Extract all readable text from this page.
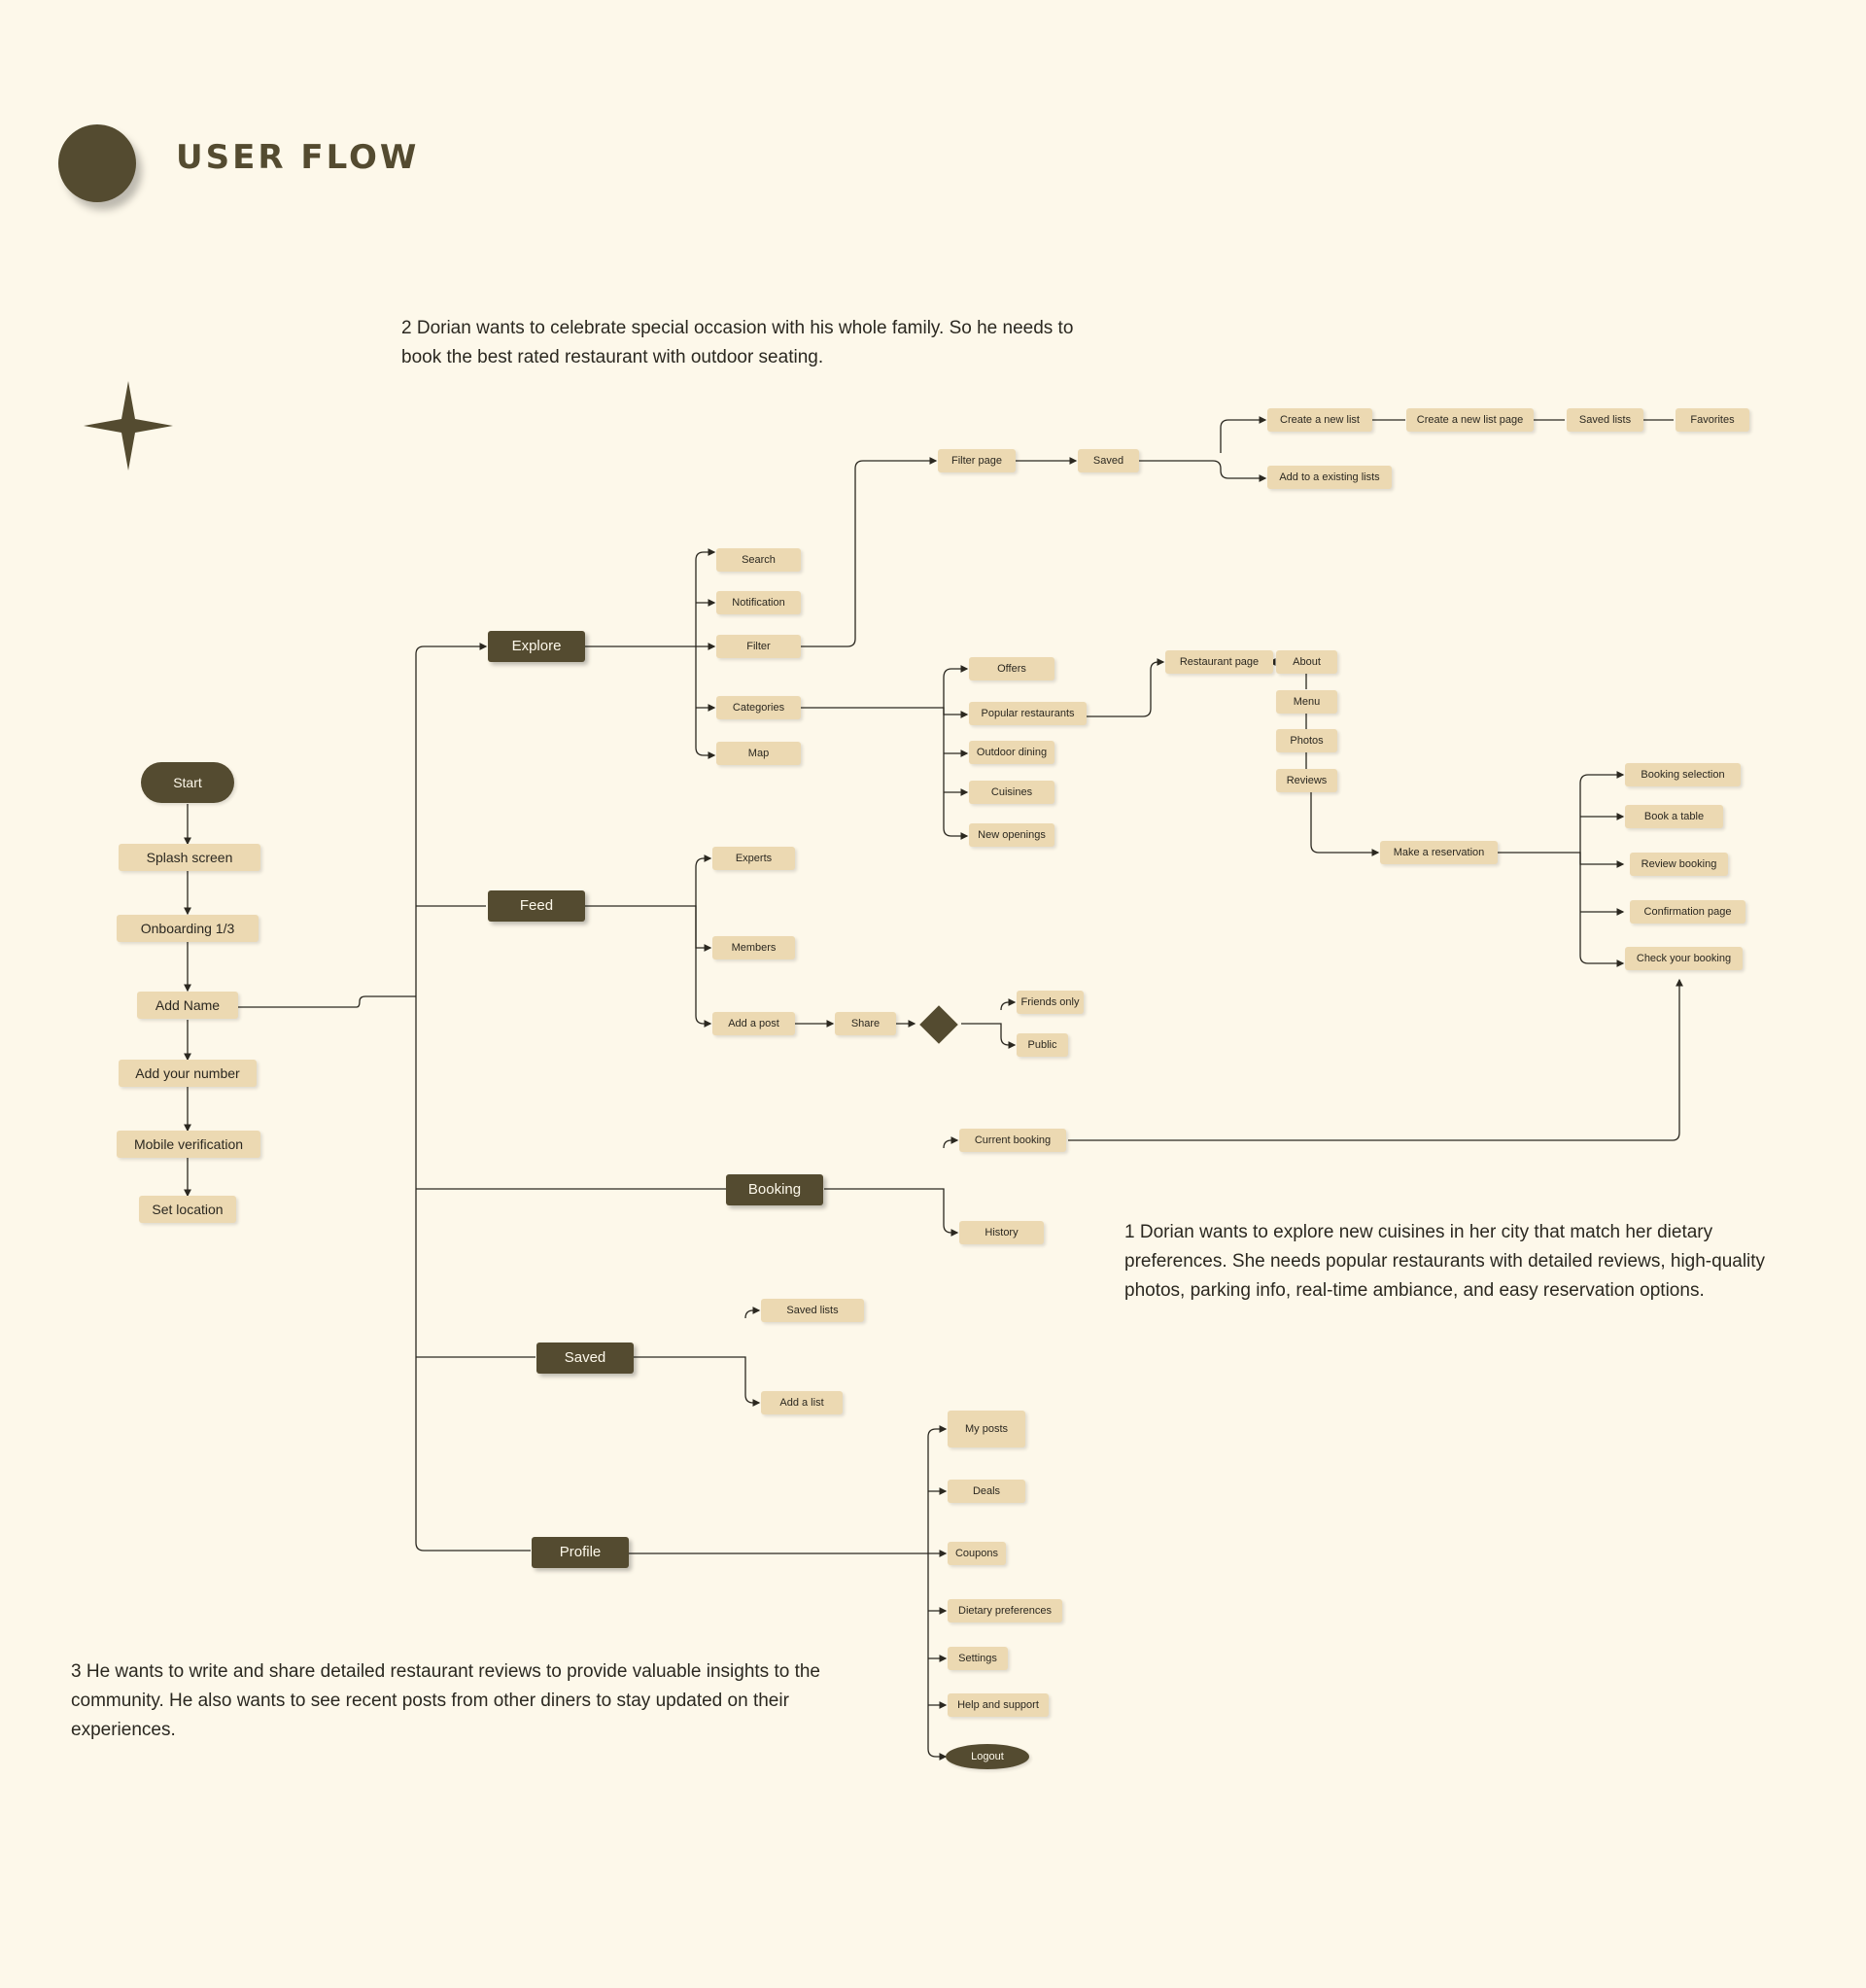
USER FLOW
2 Dorian wants to celebrate special occasion with his whole family. So he needs to book the best rated restaurant with outdoor seating.
1 Dorian wants to explore new cuisines in her city that match her dietary preferences. She needs popular restaurants with detailed reviews, high-quality photos, parking info, real-time ambiance, and easy reservation options.
3 He wants to write and share detailed restaurant reviews to provide valuable insights to the community. He also wants to see recent posts from other diners to stay updated on their experiences.
Start
Splash screen
Onboarding 1/3
Add Name
Add your number
Mobile verification
Set location
Explore
Feed
Booking
Saved
Profile
Search
Notification
Filter
Categories
Map
Filter page	Saved
Create a new list	Create a new list page	Saved lists	Favorites
Add to a existing lists
Offers
Popular restaurants
Outdoor dining
Cuisines
New openings
Restaurant page	About
Menu
Photos
Reviews
Make a reservation
Booking selection
Book a table
Review booking
Confirmation page
Check your booking
Experts
Members
Add a post	Share
Friends only
Public
Current booking
History
Saved lists
Add a list
My posts
Deals
Coupons
Dietary preferences
Settings
Help and support
Logout
